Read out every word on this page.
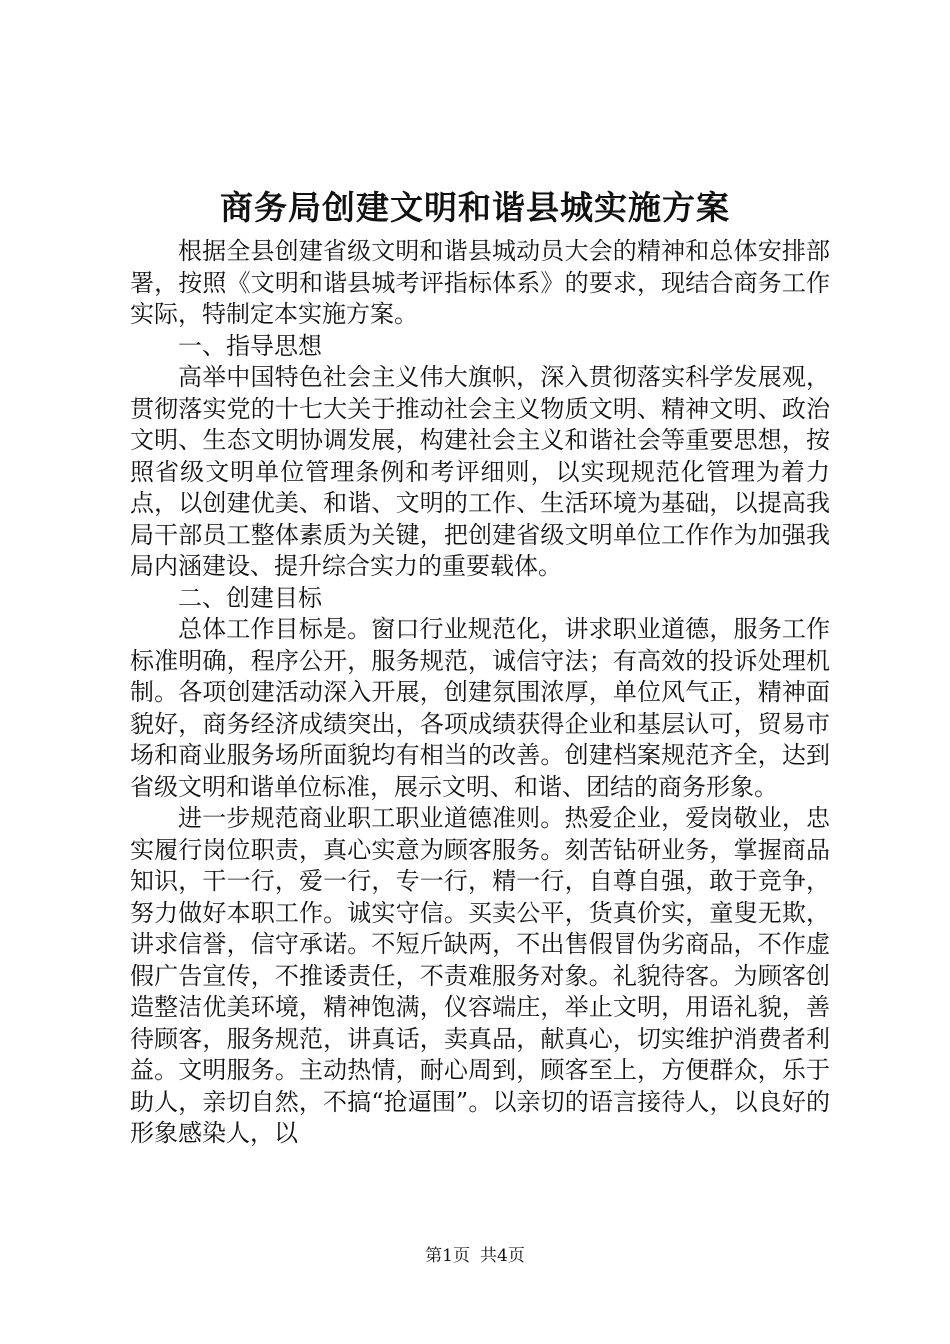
商务局创建文明和谐县城实施方案

根据全县创建省级文明和谐县城动员大会的精神和总体安排部署，按照《文明和谐县城考评指标体系》的要求，现结合商务工作实际，特制定本实施方案。

一、指导思想

高举中国特色社会主义伟大旗帜，深入贯彻落实科学发展观，贯彻落实党的十七大关于推动社会主义物质文明、精神文明、政治文明、生态文明协调发展，构建社会主义和谐社会等重要思想，按照省级文明单位管理条例和考评细则，以实现规范化管理为着力点，以创建优美、和谐、文明的工作、生活环境为基础，以提高我局干部员工整体素质为关键，把创建省级文明单位工作作为加强我局内涵建设、提升综合实力的重要载体。

二、创建目标

总体工作目标是。窗口行业规范化，讲求职业道德，服务工作标准明确，程序公开，服务规范，诚信守法；有高效的投诉处理机制。各项创建活动深入开展，创建氛围浓厚，单位风气正，精神面貌好，商务经济成绩突出，各项成绩获得企业和基层认可，贸易市场和商业服务场所面貌均有相当的改善。创建档案规范齐全，达到省级文明和谐单位标准，展示文明、和谐、团结的商务形象。

进一步规范商业职工职业道德准则。热爱企业，爱岗敬业，忠实履行岗位职责，真心实意为顾客服务。刻苦钻研业务，掌握商品知识，干一行，爱一行，专一行，精一行，自尊自强，敢于竞争，努力做好本职工作。诚实守信。买卖公平，货真价实，童叟无欺，讲求信誉，信守承诺。不短斤缺两，不出售假冒伪劣商品，不作虚假广告宣传，不推诿责任，不责难服务对象。礼貌待客。为顾客创造整洁优美环境，精神饱满，仪容端庄，举止文明，用语礼貌，善待顾客，服务规范，讲真话，卖真品，献真心，切实维护消费者利益。文明服务。主动热情，耐心周到，顾客至上，方便群众，乐于助人，亲切自然，不搞“抢逼围”。以亲切的语言接待人，以良好的形象感染人，以

第1页 共4页
